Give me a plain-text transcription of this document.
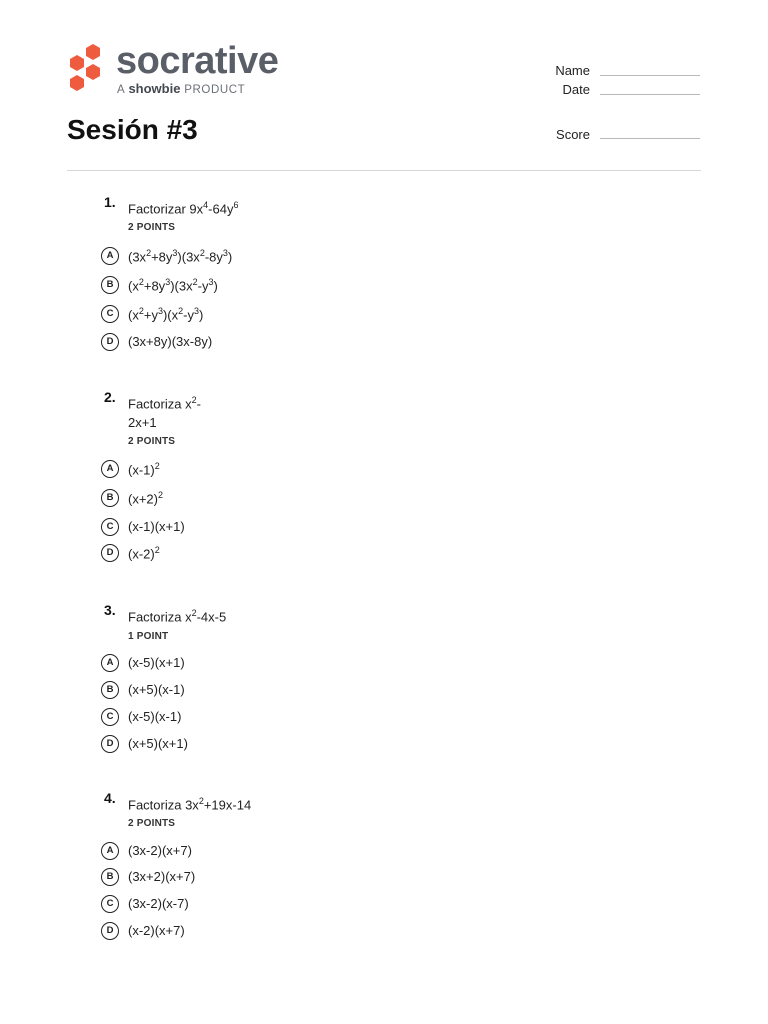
socrative
A showbie PRODUCT
Name
Date
Score
Sesión #3
1. Factorizar $9x^4-64y^6$
2 POINTS
A	$(3x^2+8y^3)(3x^2-8y^3)$
B	$(x^2+8y^3)(3x^2-y^3)$
C	$(x^2+y^3)(x^2-y^3)$
D	(3x+8y)(3x-8y)
2. Factoriza $x^2-$
2x+1
2 POINTS
A	$(x-1)^2$
B	$(x+2)^2$
C	(x-1)(x+1)
D	$(x-2)^2$
3. Factoriza $x^2-4x-5$
1 POINT
A	(x-5)(x+1)
B	(x+5)(x-1)
C	(x-5)(x-1)
D	(x+5)(x+1)
4. Factoriza $3x^2+19x-14$
2 POINTS
A	(3x-2)(x+7)
B	(3x+2)(x+7)
C	(3x-2)(x-7)
D	(x-2)(x+7)
